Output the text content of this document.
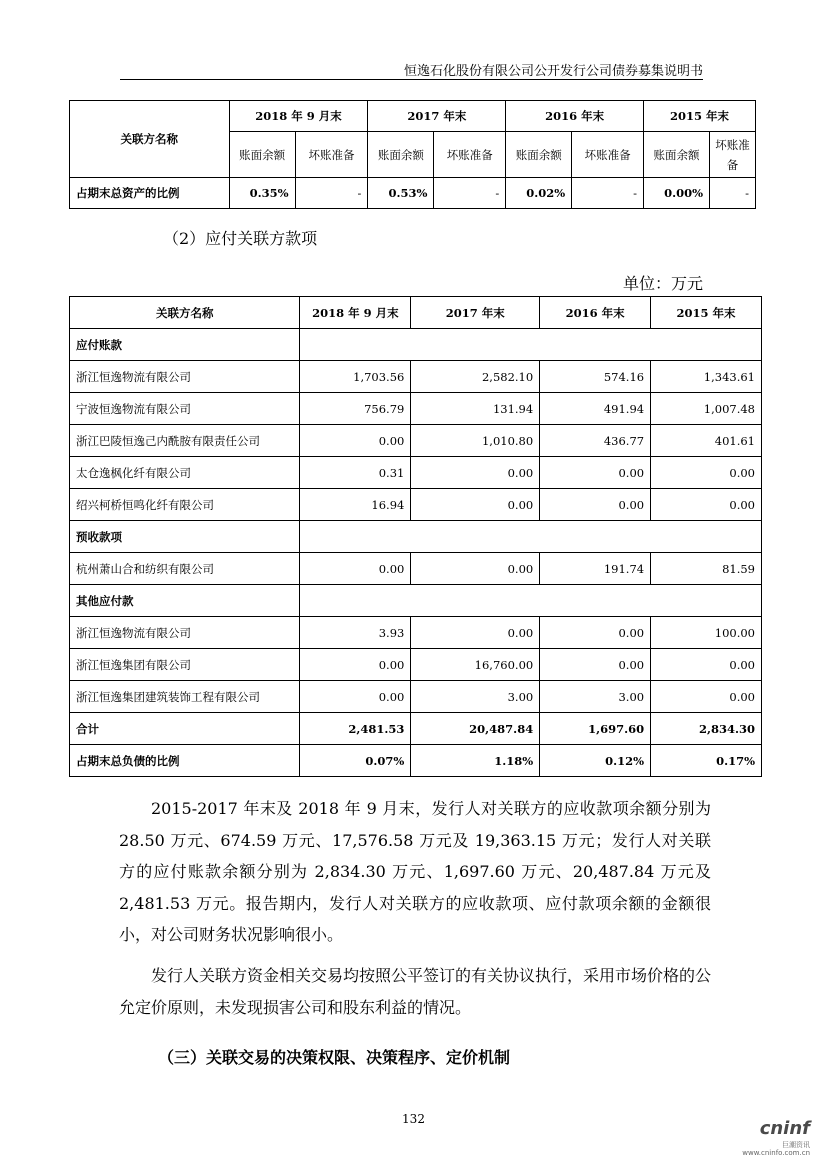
恒逸石化股份有限公司公开发行公司债券募集说明书
关联方名称	2018 年 9 月末		2017 年末		2016 年末		2015 年末	
	账面余额	坏账准备	账面余额	坏账准备	账面余额	坏账准备	账面余额	坏账准备
占期末总资产的比例	0.35%	-	0.53%	-	0.02%	-	0.00%	-
（2）应付关联方款项
单位：万元
关联方名称	2018 年 9 月末	2017 年末	2016 年末	2015 年末
应付账款				
浙江恒逸物流有限公司	1,703.56	2,582.10	574.16	1,343.61
宁波恒逸物流有限公司	756.79	131.94	491.94	1,007.48
浙江巴陵恒逸己内酰胺有限责任公司	0.00	1,010.80	436.77	401.61
太仓逸枫化纤有限公司	0.31	0.00	0.00	0.00
绍兴柯桥恒鸣化纤有限公司	16.94	0.00	0.00	0.00
预收款项				
杭州萧山合和纺织有限公司	0.00	0.00	191.74	81.59
其他应付款				
浙江恒逸物流有限公司	3.93	0.00	0.00	100.00
浙江恒逸集团有限公司	0.00	16,760.00	0.00	0.00
浙江恒逸集团建筑装饰工程有限公司	0.00	3.00	3.00	0.00
合计	2,481.53	20,487.84	1,697.60	2,834.30
占期末总负债的比例	0.07%	1.18%	0.12%	0.17%
2015-2017 年末及 2018 年 9 月末，发行人对关联方的应收款项余额分别为 28.50 万元、674.59 万元、17,576.58 万元及 19,363.15 万元；发行人对关联方的应付账款余额分别为 2,834.30 万元、1,697.60 万元、20,487.84 万元及 2,481.53 万元。报告期内，发行人对关联方的应收款项、应付款项余额的金额很小，对公司财务状况影响很小。
发行人关联方资金相关交易均按照公平签订的有关协议执行，采用市场价格的公允定价原则，未发现损害公司和股东利益的情况。
（三）关联交易的决策权限、决策程序、定价机制
132	cninf
巨潮资讯
www.cninfo.com.cn
